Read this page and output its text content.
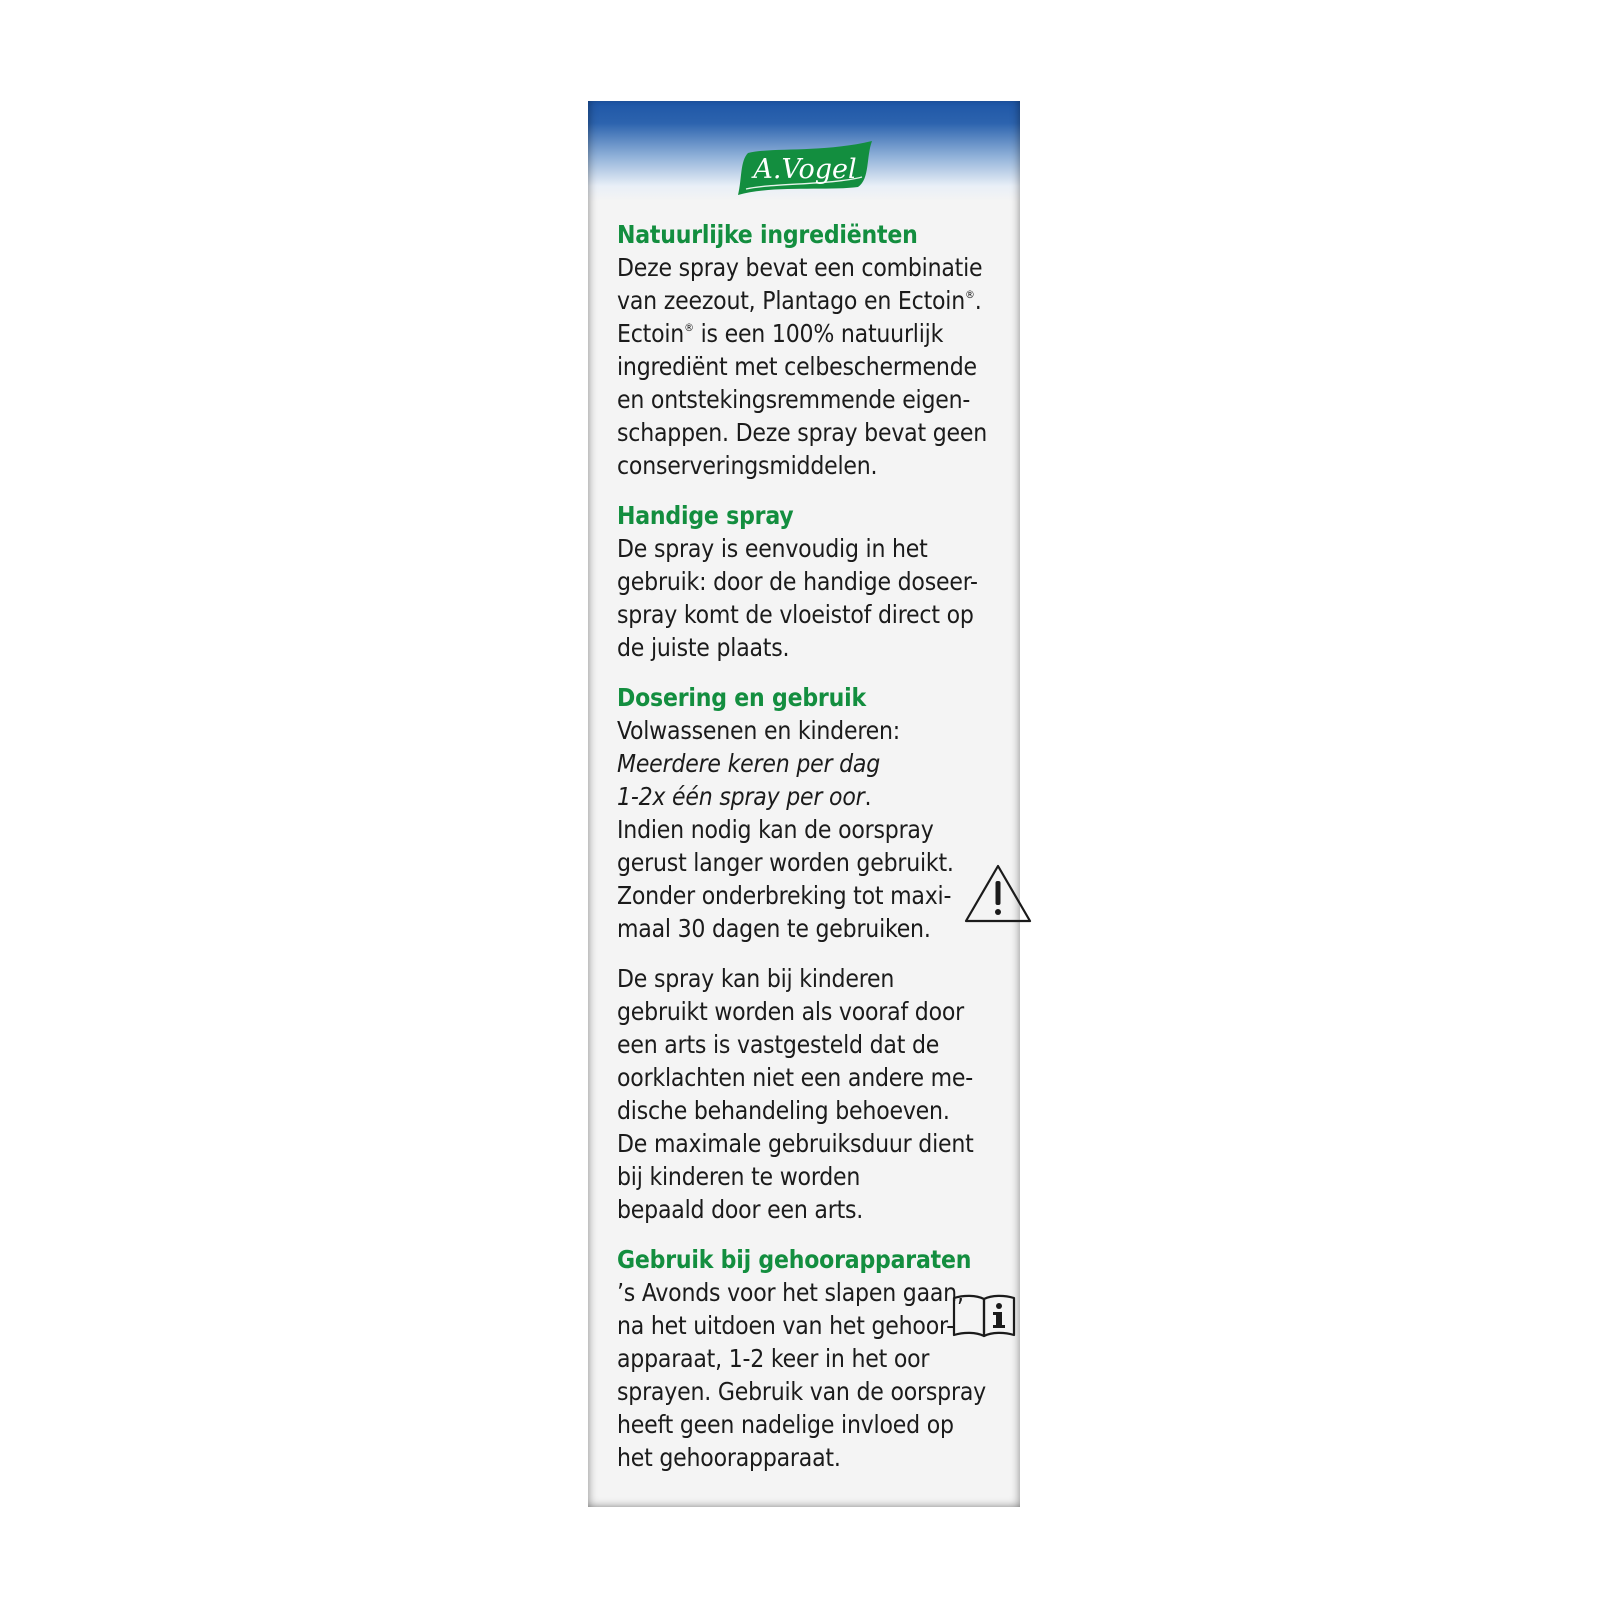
A.Vogel
Natuurlijke ingrediënten
Deze spray bevat een combinatie
van zeezout, Plantago en Ectoin®.
Ectoin® is een 100% natuurlijk
ingrediënt met celbeschermende
en ontstekingsremmende eigen-
schappen. Deze spray bevat geen
conserveringsmiddelen.
Handige spray
De spray is eenvoudig in het
gebruik: door de handige doseer-
spray komt de vloeistof direct op
de juiste plaats.
Dosering en gebruik
Volwassenen en kinderen:
Meerdere keren per dag
1-2x één spray per oor.
Indien nodig kan de oorspray
gerust langer worden gebruikt.
Zonder onderbreking tot maxi-
maal 30 dagen te gebruiken.
De spray kan bij kinderen
gebruikt worden als vooraf door
een arts is vastgesteld dat de
oorklachten niet een andere me-
dische behandeling behoeven.
De maximale gebruiksduur dient
bij kinderen te worden
bepaald door een arts.
Gebruik bij gehoorapparaten
’s Avonds voor het slapen gaan,
na het uitdoen van het gehoor-
apparaat, 1-2 keer in het oor
sprayen. Gebruik van de oorspray
heeft geen nadelige invloed op
het gehoorapparaat.
